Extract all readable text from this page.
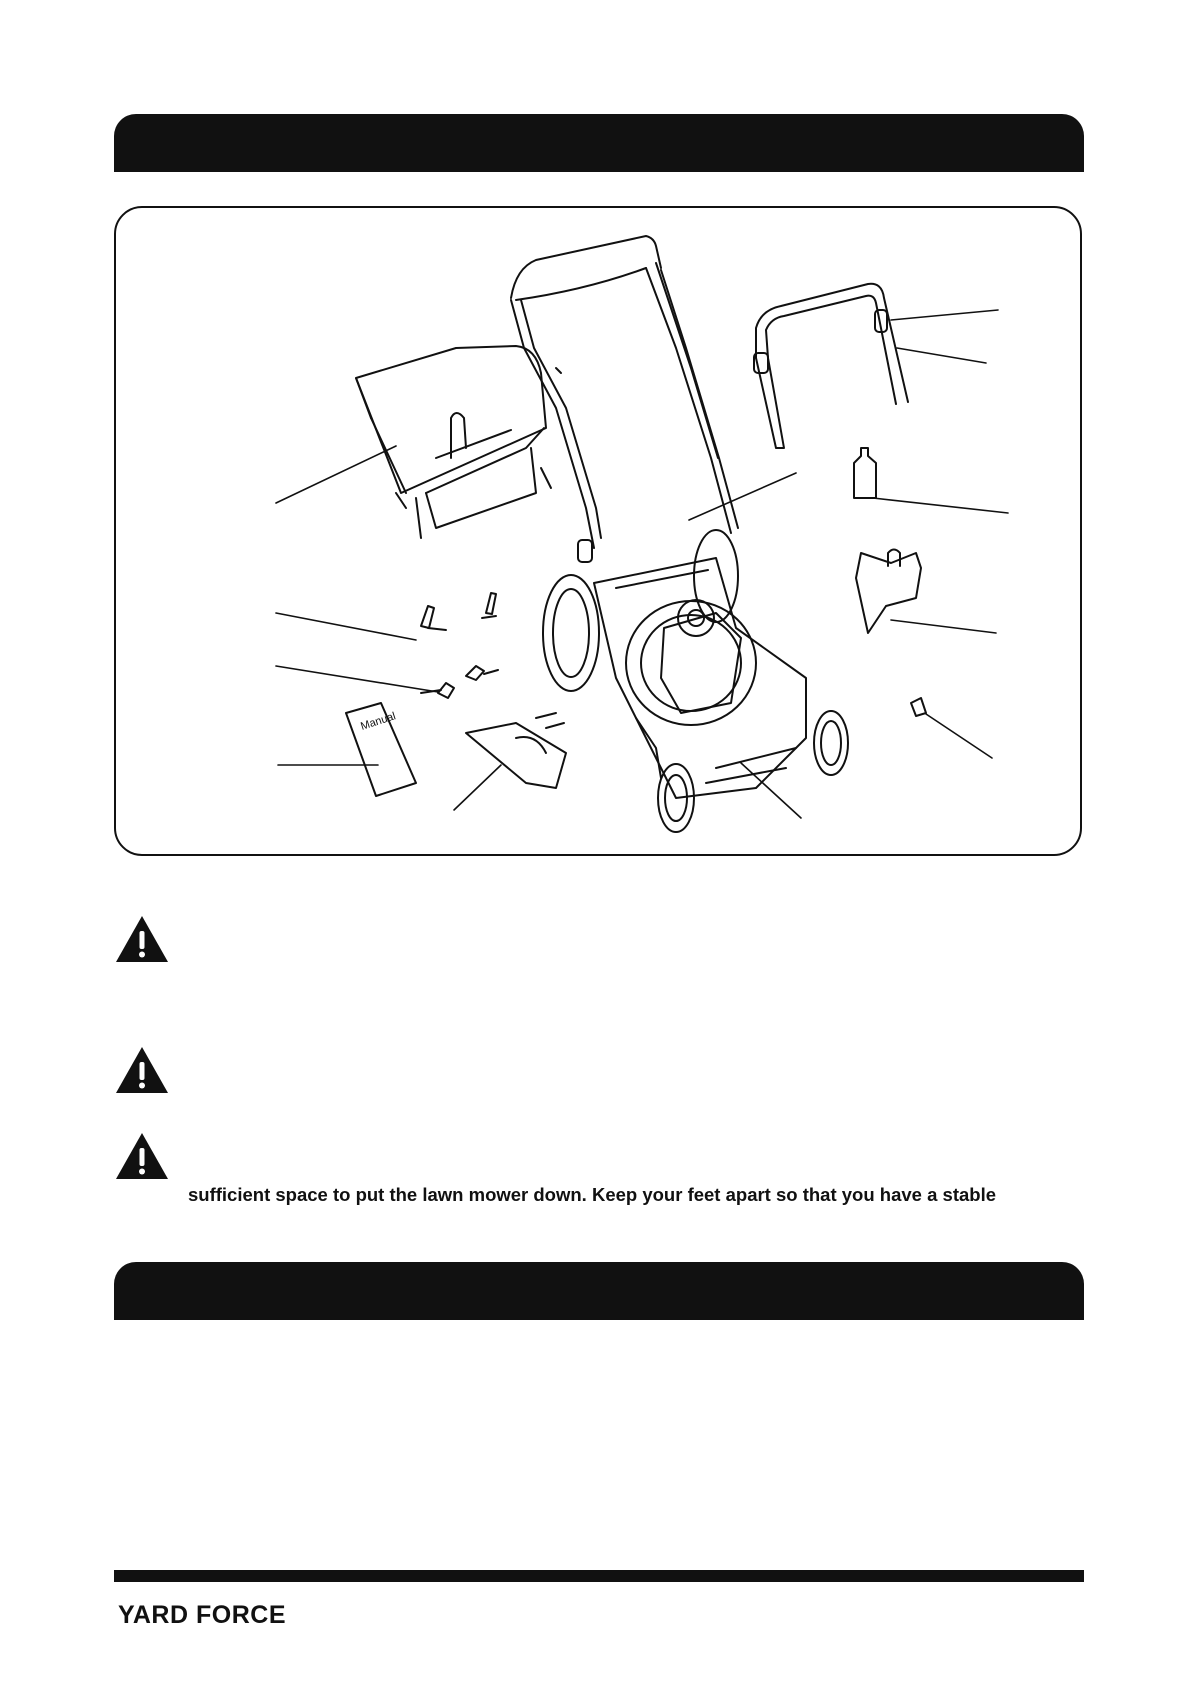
Manual
sufficient space to put the lawn mower down. Keep your feet apart so that you have a stable
YARD FORCE
